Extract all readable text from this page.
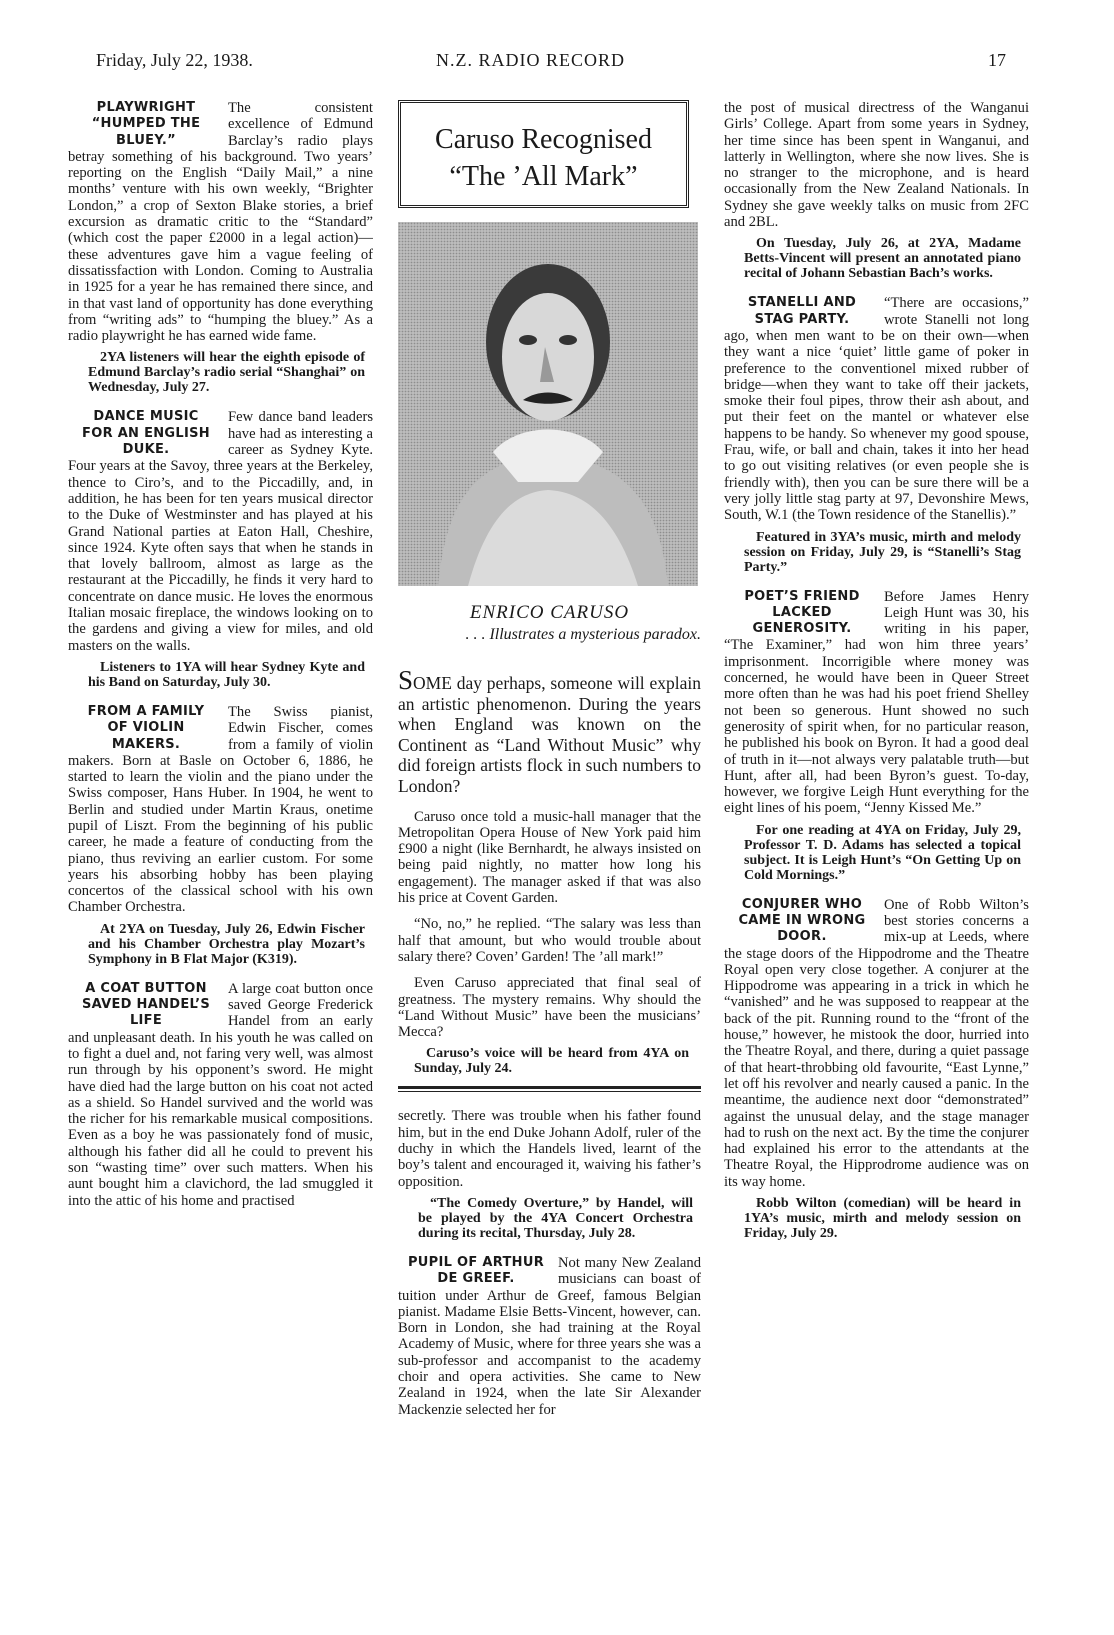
Friday, July 22, 1938.	N.Z. RADIO RECORD	17
PLAYWRIGHT “HUMPED THE BLUEY.”

The consistent excellence of Edmund Barclay’s radio plays betray something of his background. Two years’ reporting on the English “Daily Mail,” a nine months’ venture with his own weekly, “Brighter London,” a crop of Sexton Blake stories, a brief excursion as dramatic critic to the “Standard” (which cost the paper £2000 in a legal action)—these adventures gave him a vague feeling of dissatissfaction with London. Coming to Australia in 1925 for a year he has remained there since, and in that vast land of opportunity has done everything from “writing ads” to “humping the bluey.” As a radio playwright he has earned wide fame.

2YA listeners will hear the eighth episode of Edmund Barclay’s radio serial “Shanghai” on Wednesday, July 27.

DANCE MUSIC FOR AN ENGLISH DUKE.

Few dance band leaders have had as interesting a career as Sydney Kyte. Four years at the Savoy, three years at the Berkeley, thence to Ciro’s, and to the Piccadilly, and, in addition, he has been for ten years musical director to the Duke of Westminster and has played at his Grand National parties at Eaton Hall, Cheshire, since 1924. Kyte often says that when he stands in that lovely ballroom, almost as large as the restaurant at the Piccadilly, he finds it very hard to concentrate on dance music. He loves the enormous Italian mosaic fireplace, the windows looking on to the gardens and giving a view for miles, and old masters on the walls.

Listeners to 1YA will hear Sydney Kyte and his Band on Saturday, July 30.

FROM A FAMILY OF VIOLIN MAKERS.

The Swiss pianist, Edwin Fischer, comes from a family of violin makers. Born at Basle on October 6, 1886, he started to learn the violin and the piano under the Swiss composer, Hans Huber. In 1904, he went to Berlin and studied under Martin Kraus, onetime pupil of Liszt. From the beginning of his public career, he made a feature of conducting from the piano, thus reviving an earlier custom. For some years his absorbing hobby has been playing concertos of the classical school with his own Chamber Orchestra.

At 2YA on Tuesday, July 26, Edwin Fischer and his Chamber Orchestra play Mozart’s Symphony in B Flat Major (K319).

A COAT BUTTON SAVED HANDEL’S LIFE

A large coat button once saved George Frederick Handel from an early and unpleasant death. In his youth he was called on to fight a duel and, not faring very well, was almost run through by his opponent’s sword. He might have died had the large button on his coat not acted as a shield. So Handel survived and the world was the richer for his remarkable musical compositions. Even as a boy he was passionately fond of music, although his father did all he could to prevent his son “wasting time” over such matters. When his aunt bought him a clavichord, the lad smuggled it into the attic of his home and practised

Caruso Recognised
“The ’All Mark”
ENRICO CARUSO
. . . Illustrates a mysterious paradox.

SOME day perhaps, someone will explain an artistic phenomenon. During the years when England was known on the Continent as “Land Without Music” why did foreign artists flock in such numbers to London?

Caruso once told a music-hall manager that the Metropolitan Opera House of New York paid him £900 a night (like Bernhardt, he always insisted on being paid nightly, no matter how long his engagement). The manager asked if that was also his price at Covent Garden.

“No, no,” he replied. “The salary was less than half that amount, but who would trouble about salary there? Coven’ Garden! The ’all mark!”

Even Caruso appreciated that final seal of greatness. The mystery remains. Why should the “Land Without Music” have been the musicians’ Mecca?

Caruso’s voice will be heard from 4YA on Sunday, July 24.

secretly. There was trouble when his father found him, but in the end Duke Johann Adolf, ruler of the duchy in which the Handels lived, learnt of the boy’s talent and encouraged it, waiving his father’s opposition.

“The Comedy Overture,” by Handel, will be played by the 4YA Concert Orchestra during its recital, Thursday, July 28.

PUPIL OF ARTHUR DE GREEF.

Not many New Zealand musicians can boast of tuition under Arthur de Greef, famous Belgian pianist. Madame Elsie Betts-Vincent, however, can. Born in London, she had training at the Royal Academy of Music, where for three years she was a sub-professor and accompanist to the academy choir and opera activities. She came to New Zealand in 1924, when the late Sir Alexander Mackenzie selected her for

the post of musical directress of the Wanganui Girls’ College. Apart from some years in Sydney, her time since has been spent in Wanganui, and latterly in Wellington, where she now lives. She is no stranger to the microphone, and is heard occasionally from the New Zealand Nationals. In Sydney she gave weekly talks on music from 2FC and 2BL.

On Tuesday, July 26, at 2YA, Madame Betts-Vincent will present an annotated piano recital of Johann Sebastian Bach’s works.

STANELLI AND STAG PARTY.

“There are occasions,” wrote Stanelli not long ago, when men want to be on their own—when they want a nice ‘quiet’ little game of poker in preference to the conventionel mixed rubber of bridge—when they want to take off their jackets, smoke their foul pipes, throw their ash about, and put their feet on the mantel or whatever else happens to be handy. So whenever my good spouse, Frau, wife, or ball and chain, takes it into her head to go out visiting relatives (or even people she is friendly with), then you can be sure there will be a very jolly little stag party at 97, Devonshire Mews, South, W.1 (the Town residence of the Stanellis).”

Featured in 3YA’s music, mirth and melody session on Friday, July 29, is “Stanelli’s Stag Party.”

POET’S FRIEND LACKED GENEROSITY.

Before James Henry Leigh Hunt was 30, his writing in his paper, “The Examiner,” had won him three years’ imprisonment. Incorrigible where money was concerned, he would have been in Queer Street more often than he was had his poet friend Shelley not been so generous. Hunt showed no such generosity of spirit when, for no particular reason, he published his book on Byron. It had a good deal of truth in it—not always very palatable truth—but Hunt, after all, had been Byron’s guest. To-day, however, we forgive Leigh Hunt everything for the eight lines of his poem, “Jenny Kissed Me.”

For one reading at 4YA on Friday, July 29, Professor T. D. Adams has selected a topical subject. It is Leigh Hunt’s “On Getting Up on Cold Mornings.”

CONJURER WHO CAME IN WRONG DOOR.

One of Robb Wilton’s best stories concerns a mix-up at Leeds, where the stage doors of the Hippodrome and the Theatre Royal open very close together. A conjurer at the Hippodrome was appearing in a trick in which he “vanished” and he was supposed to reappear at the back of the pit. Running round to the “front of the house,” however, he mistook the door, hurried into the Theatre Royal, and there, during a quiet passage of that heart-throbbing old favourite, “East Lynne,” let off his revolver and nearly caused a panic. In the meantime, the audience next door “demonstrated” against the unusual delay, and the stage manager had to rush on the next act. By the time the conjurer had explained his error to the attendants at the Theatre Royal, the Hipprodrome audience was on its way home.

Robb Wilton (comedian) will be heard in 1YA’s music, mirth and melody session on Friday, July 29.
